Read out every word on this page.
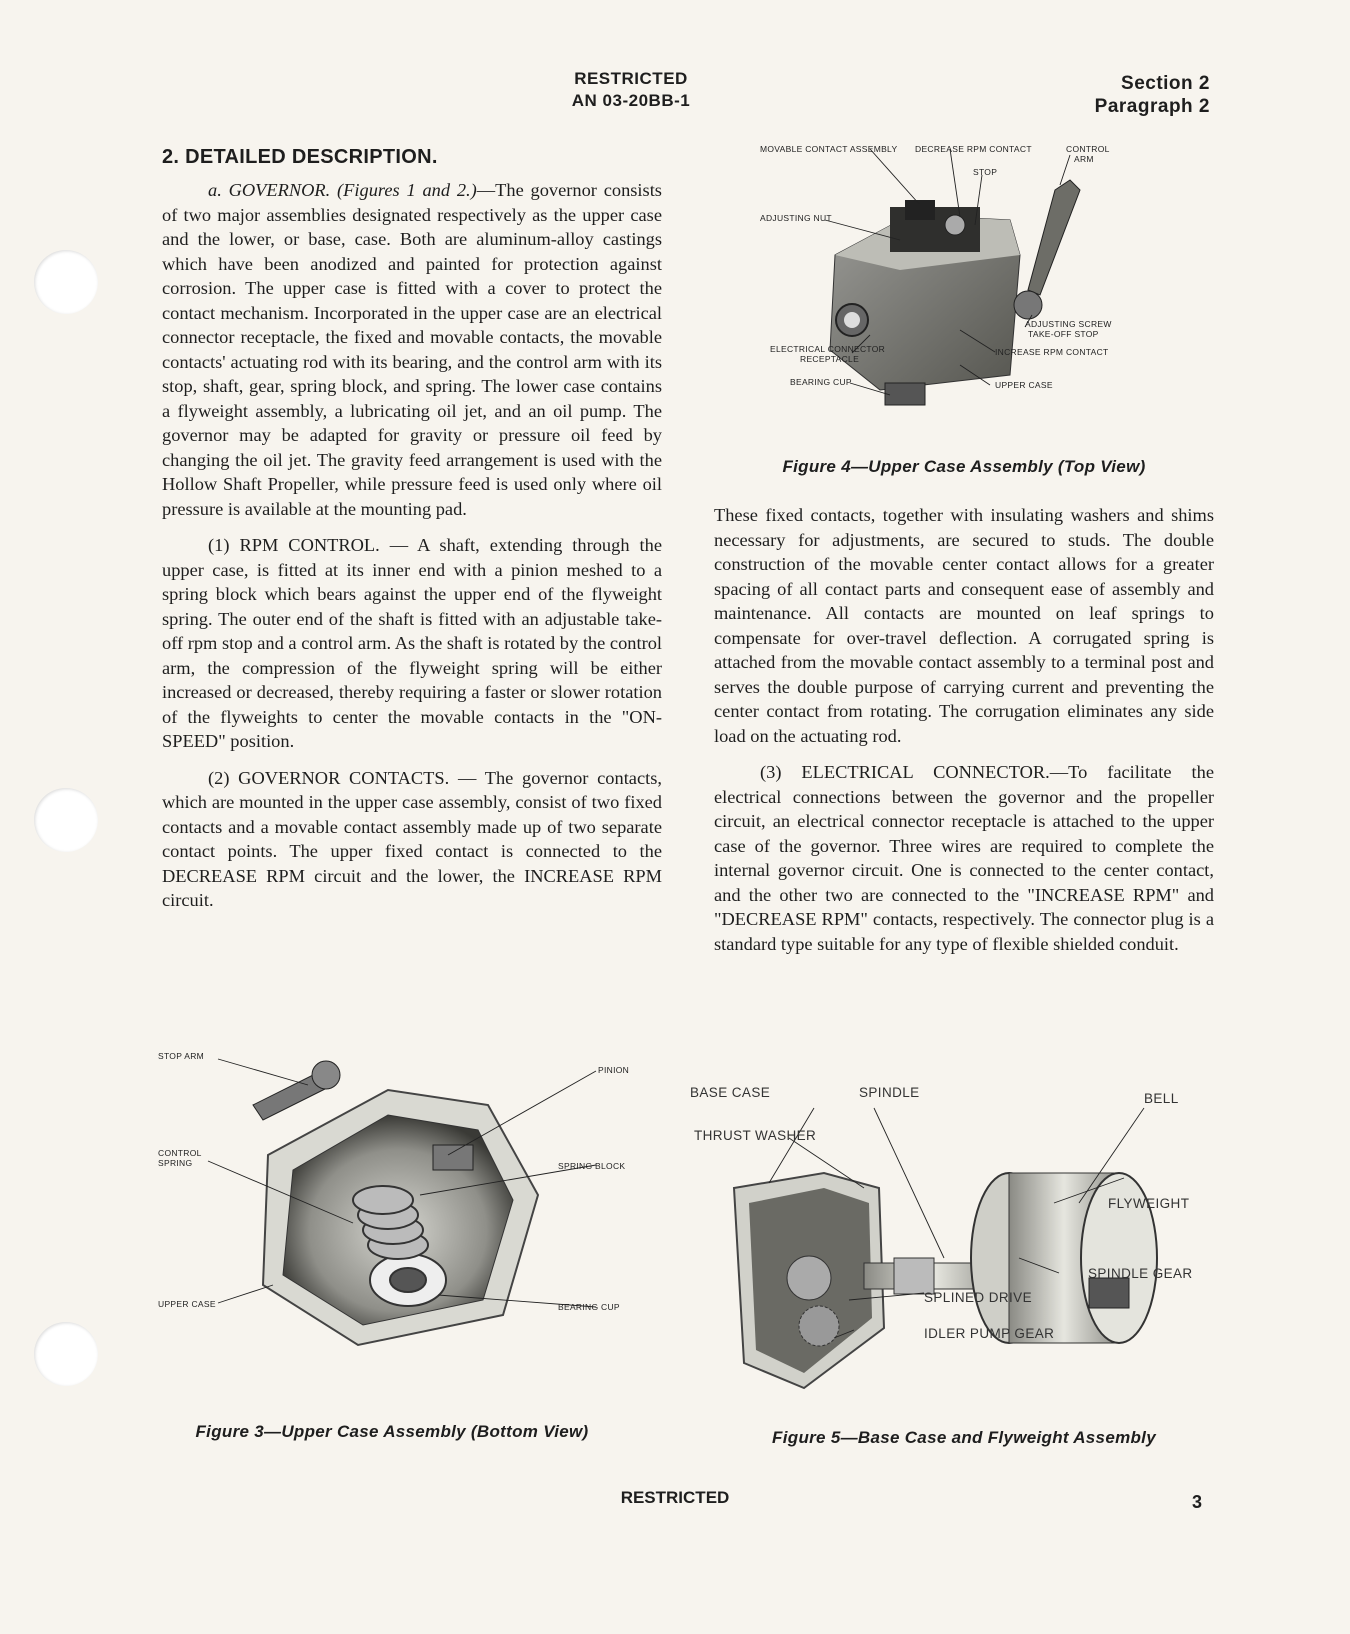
RESTRICTED
AN 03-20BB-1
Section 2
Paragraph 2
2. DETAILED DESCRIPTION.

a. GOVERNOR. (Figures 1 and 2.)—The governor consists of two major assemblies designated respectively as the upper case and the lower, or base, case. Both are aluminum-alloy castings which have been anodized and painted for protection against corrosion. The upper case is fitted with a cover to protect the contact mechanism. Incorporated in the upper case are an electrical connector receptacle, the fixed and movable contacts, the movable contacts' actuating rod with its bearing, and the control arm with its stop, shaft, gear, spring block, and spring. The lower case contains a flyweight assembly, a lubricating oil jet, and an oil pump. The governor may be adapted for gravity or pressure oil feed by changing the oil jet. The gravity feed arrangement is used with the Hollow Shaft Propeller, while pressure feed is used only where oil pressure is available at the mounting pad.

(1) RPM CONTROL. — A shaft, extending through the upper case, is fitted at its inner end with a pinion meshed to a spring block which bears against the upper end of the flyweight spring. The outer end of the shaft is fitted with an adjustable take-off rpm stop and a control arm. As the shaft is rotated by the control arm, the compression of the flyweight spring will be either increased or decreased, thereby requiring a faster or slower rotation of the flyweights to center the movable contacts in the "ON-SPEED" position.

(2) GOVERNOR CONTACTS. — The governor contacts, which are mounted in the upper case assembly, consist of two fixed contacts and a movable contact assembly made up of two separate contact points. The upper fixed contact is connected to the DECREASE RPM circuit and the lower, the INCREASE RPM circuit.

These fixed contacts, together with insulating washers and shims necessary for adjustments, are secured to studs. The double construction of the movable center contact allows for a greater spacing of all contact parts and consequent ease of assembly and maintenance. All contacts are mounted on leaf springs to compensate for over-travel deflection. A corrugated spring is attached from the movable contact assembly to a terminal post and serves the double purpose of carrying current and preventing the center contact from rotating. The corrugation eliminates any side load on the actuating rod.

(3) ELECTRICAL CONNECTOR.—To facilitate the electrical connections between the governor and the propeller circuit, an electrical connector receptacle is attached to the upper case of the governor. Three wires are required to complete the internal governor circuit. One is connected to the center contact, and the other two are connected to the "INCREASE RPM" and "DECREASE RPM" contacts, respectively. The connector plug is a standard type suitable for any type of flexible shielded conduit.

MOVABLE CONTACT ASSEMBLY DECREASE RPM CONTACT	CONTROL
ARM
STOP
ADJUSTING NUT
ADJUSTING SCREW
TAKE-OFF STOP
ELECTRICAL CONNECTOR
RECEPTACLE
INCREASE RPM CONTACT
BEARING CUP	UPPER CASE
Figure 4—Upper Case Assembly (Top View)
STOP ARM
PINION
CONTROL
SPRING	SPRING BLOCK
UPPER CASE	BEARING CUP
Figure 3—Upper Case Assembly (Bottom View)
BASE CASE	SPINDLE	BELL
THRUST WASHER
FLYWEIGHT
SPINDLE GEAR
SPLINED DRIVE
IDLER PUMP GEAR
Figure 5—Base Case and Flyweight Assembly
RESTRICTED	3
